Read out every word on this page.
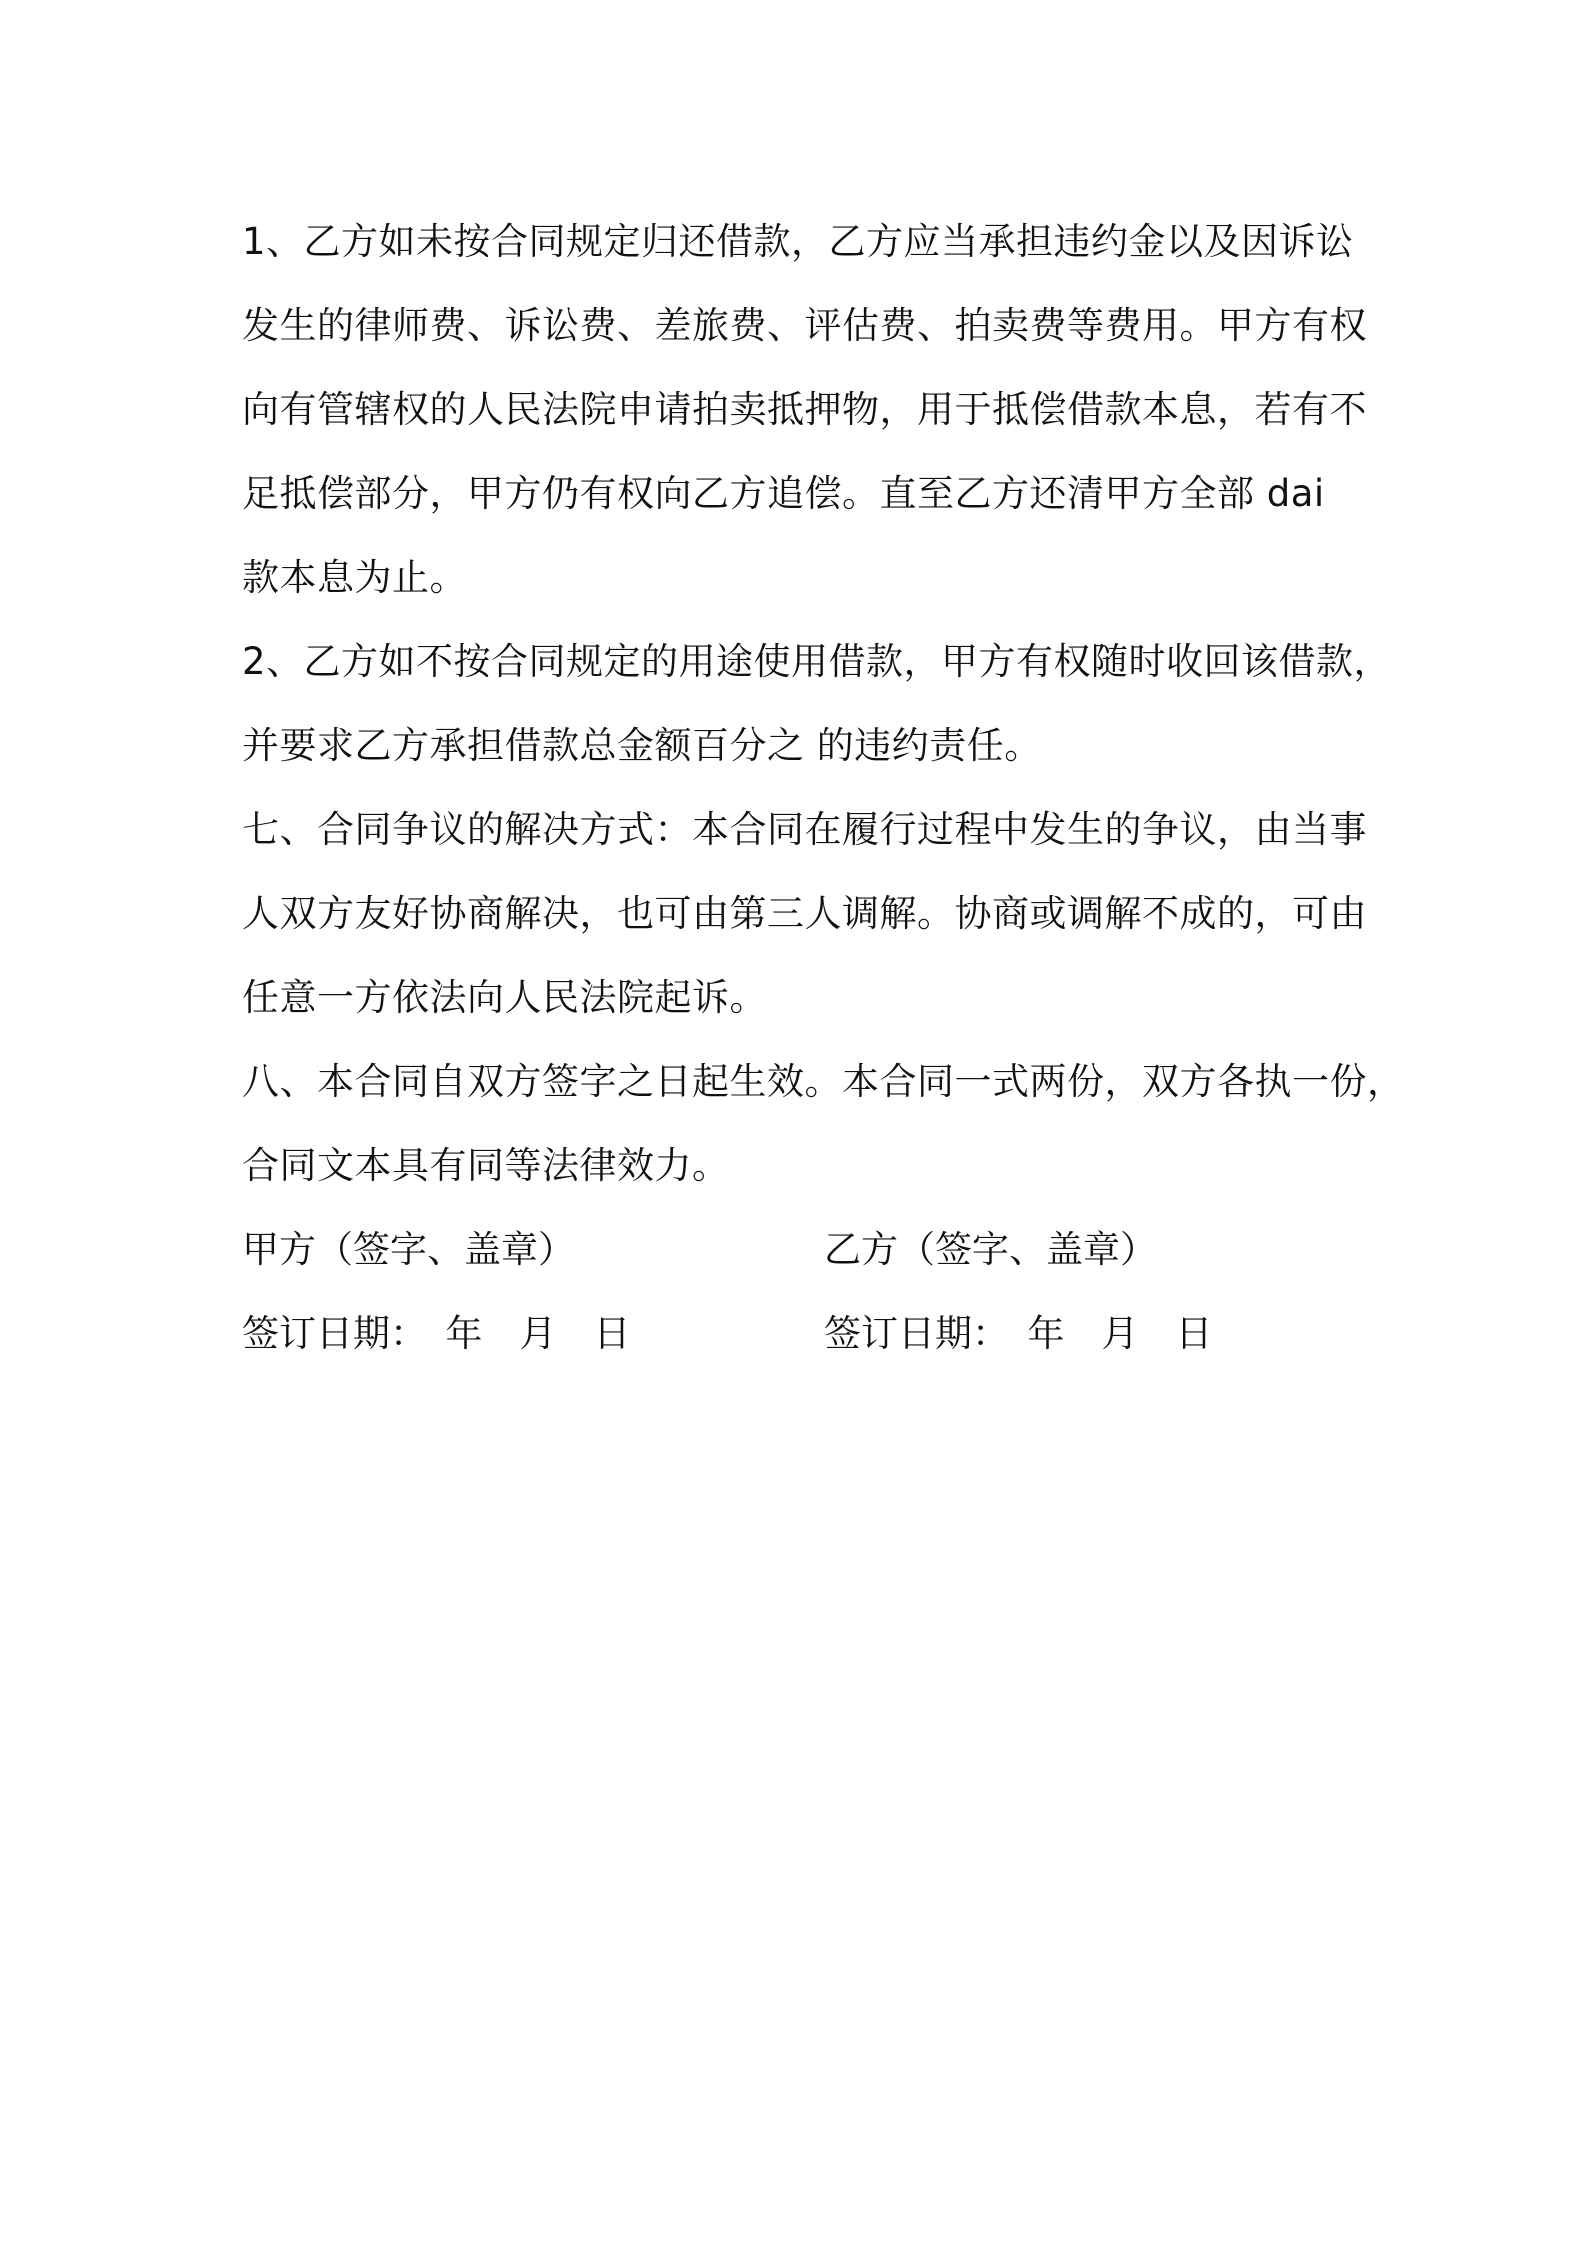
1、乙方如未按合同规定归还借款，乙方应当承担违约金以及因诉讼
发生的律师费、诉讼费、差旅费、评估费、拍卖费等费用。甲方有权
向有管辖权的人民法院申请拍卖抵押物，用于抵偿借款本息，若有不
足抵偿部分，甲方仍有权向乙方追偿。直至乙方还清甲方全部 dai
款本息为止。
2、乙方如不按合同规定的用途使用借款，甲方有权随时收回该借款，
并要求乙方承担借款总金额百分之 的违约责任。
七、合同争议的解决方式：本合同在履行过程中发生的争议，由当事
人双方友好协商解决，也可由第三人调解。协商或调解不成的，可由
任意一方依法向人民法院起诉。
八、本合同自双方签字之日起生效。本合同一式两份，双方各执一份，
合同文本具有同等法律效力。
甲方（签字、盖章）	乙方（签字、盖章）
签订日期：　年　月　日	签订日期：　年　月　日
